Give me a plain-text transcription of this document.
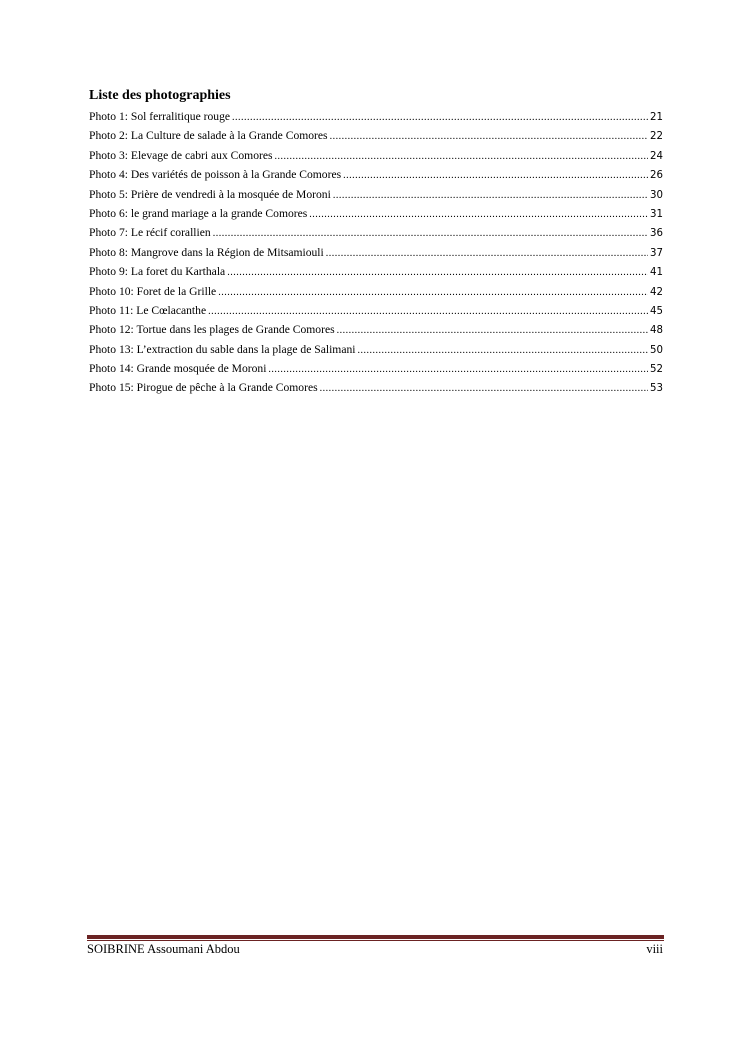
Liste des photographies
Photo 1: Sol ferralitique rouge .....	21
Photo 2: La Culture de salade à la Grande Comores .....	22
Photo 3: Elevage de cabri aux Comores .....	24
Photo 4: Des variétés de poisson à la Grande Comores .....	26
Photo 5: Prière de vendredi à la mosquée de Moroni .....	30
Photo 6: le grand mariage a la grande Comores .....	31
Photo 7: Le récif corallien .....	36
Photo 8: Mangrove dans la Région de Mitsamiouli .....	37
Photo 9: La foret du Karthala .....	41
Photo 10: Foret de la Grille .....	42
Photo 11: Le Cœlacanthe .....	45
Photo 12: Tortue dans les plages de Grande Comores .....	48
Photo 13: L’extraction du sable dans la plage de Salimani .....	50
Photo 14: Grande mosquée de Moroni .....	52
Photo 15: Pirogue de pêche à la Grande Comores .....	53
SOIBRINE Assoumani Abdou	viii
